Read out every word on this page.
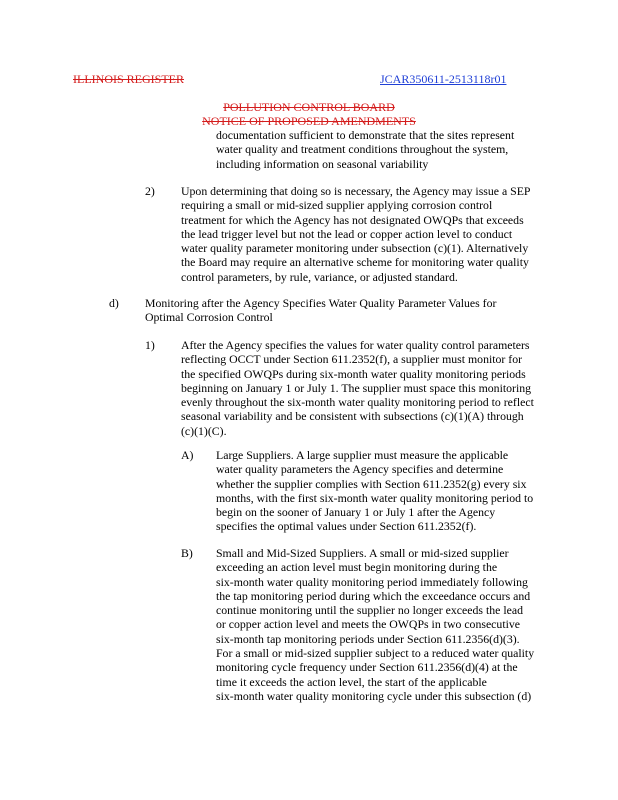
ILLINOIS REGISTER	JCAR350611-2513118r01
POLLUTION CONTROL BOARD
NOTICE OF PROPOSED AMENDMENTS

documentation sufficient to demonstrate that the sites represent

water quality and treatment conditions throughout the system,

including information on seasonal variability

2) Upon determining that doing so is necessary, the Agency may issue a SEP

requiring a small or mid-sized supplier applying corrosion control

treatment for which the Agency has not designated OWQPs that exceeds

the lead trigger level but not the lead or copper action level to conduct

water quality parameter monitoring under subsection (c)(1). Alternatively

the Board may require an alternative scheme for monitoring water quality

control parameters, by rule, variance, or adjusted standard.

d) Monitoring after the Agency Specifies Water Quality Parameter Values for

Optimal Corrosion Control

1) After the Agency specifies the values for water quality control parameters

reflecting OCCT under Section 611.2352(f), a supplier must monitor for

the specified OWQPs during six-month water quality monitoring periods

beginning on January 1 or July 1. The supplier must space this monitoring

evenly throughout the six-month water quality monitoring period to reflect

seasonal variability and be consistent with subsections (c)(1)(A) through

(c)(1)(C).

A) Large Suppliers. A large supplier must measure the applicable

water quality parameters the Agency specifies and determine

whether the supplier complies with Section 611.2352(g) every six

months, with the first six-month water quality monitoring period to

begin on the sooner of January 1 or July 1 after the Agency

specifies the optimal values under Section 611.2352(f).

B) Small and Mid-Sized Suppliers. A small or mid-sized supplier

exceeding an action level must begin monitoring during the

six-month water quality monitoring period immediately following

the tap monitoring period during which the exceedance occurs and

continue monitoring until the supplier no longer exceeds the lead

or copper action level and meets the OWQPs in two consecutive

six-month tap monitoring periods under Section 611.2356(d)(3).

For a small or mid-sized supplier subject to a reduced water quality

monitoring cycle frequency under Section 611.2356(d)(4) at the

time it exceeds the action level, the start of the applicable

six-month water quality monitoring cycle under this subsection (d)
